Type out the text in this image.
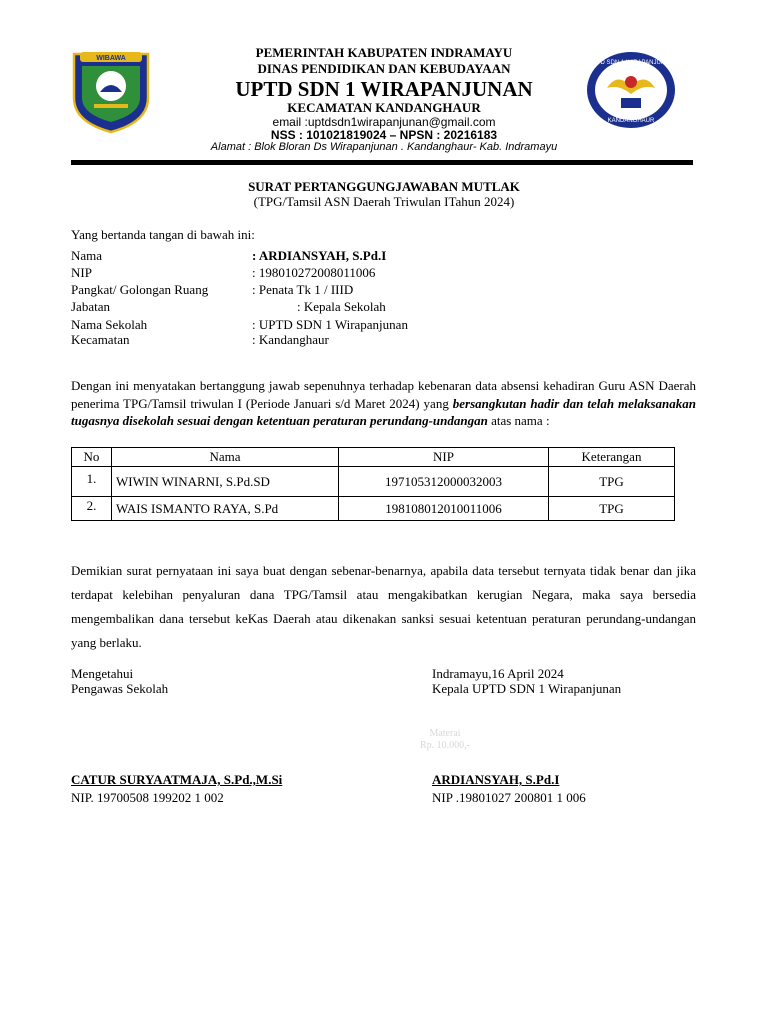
WIBAWA
UPTD SDN 1 WIRAPANJUNAN
KANDANGHAUR
PEMERINTAH KABUPATEN INDRAMAYU
DINAS PENDIDIKAN DAN KEBUDAYAAN
UPTD SDN 1 WIRAPANJUNAN
KECAMATAN KANDANGHAUR
email :uptdsdn1wirapanjunan@gmail.com
NSS : 101021819024 – NPSN : 20216183
Alamat : Blok Bloran Ds Wirapanjunan . Kandanghaur- Kab. Indramayu
SURAT PERTANGGUNGJAWABAN MUTLAK
(TPG/Tamsil ASN Daerah Triwulan ITahun 2024)
Yang bertanda tangan di bawah ini:
Nama	: ARDIANSYAH, S.Pd.I
NIP	: 198010272008011006
Pangkat/ Golongan Ruang	: Penata Tk 1 / IIID
Jabatan	: Kepala Sekolah
Nama Sekolah	: UPTD SDN 1 Wirapanjunan
Kecamatan	: Kandanghaur
Dengan ini menyatakan bertanggung jawab sepenuhnya terhadap kebenaran data absensi kehadiran Guru ASN Daerah penerima TPG/Tamsil triwulan I (Periode Januari s/d Maret 2024) yang bersangkutan hadir dan telah melaksanakan tugasnya disekolah sesuai dengan ketentuan peraturan perundang-undangan atas nama :
No	Nama	NIP	Keterangan
1.	WIWIN WINARNI, S.Pd.SD	197105312000032003	TPG
2.	WAIS ISMANTO RAYA, S.Pd	198108012010011006	TPG
Demikian surat pernyataan ini saya buat dengan sebenar-benarnya, apabila data tersebut ternyata tidak benar dan jika terdapat kelebihan penyaluran dana TPG/Tamsil atau mengakibatkan kerugian Negara, maka saya bersedia mengembalikan dana tersebut keKas Daerah atau dikenakan sanksi sesuai ketentuan peraturan perundang-undangan yang berlaku.
Mengetahui
Pengawas Sekolah
Indramayu,16 April 2024
Kepala UPTD SDN 1 Wirapanjunan
Materai
Rp. 10.000,-
CATUR SURYAATMAJA, S.Pd.,M.Si
NIP. 19700508 199202 1 002
ARDIANSYAH, S.Pd.I
NIP .19801027 200801 1 006
